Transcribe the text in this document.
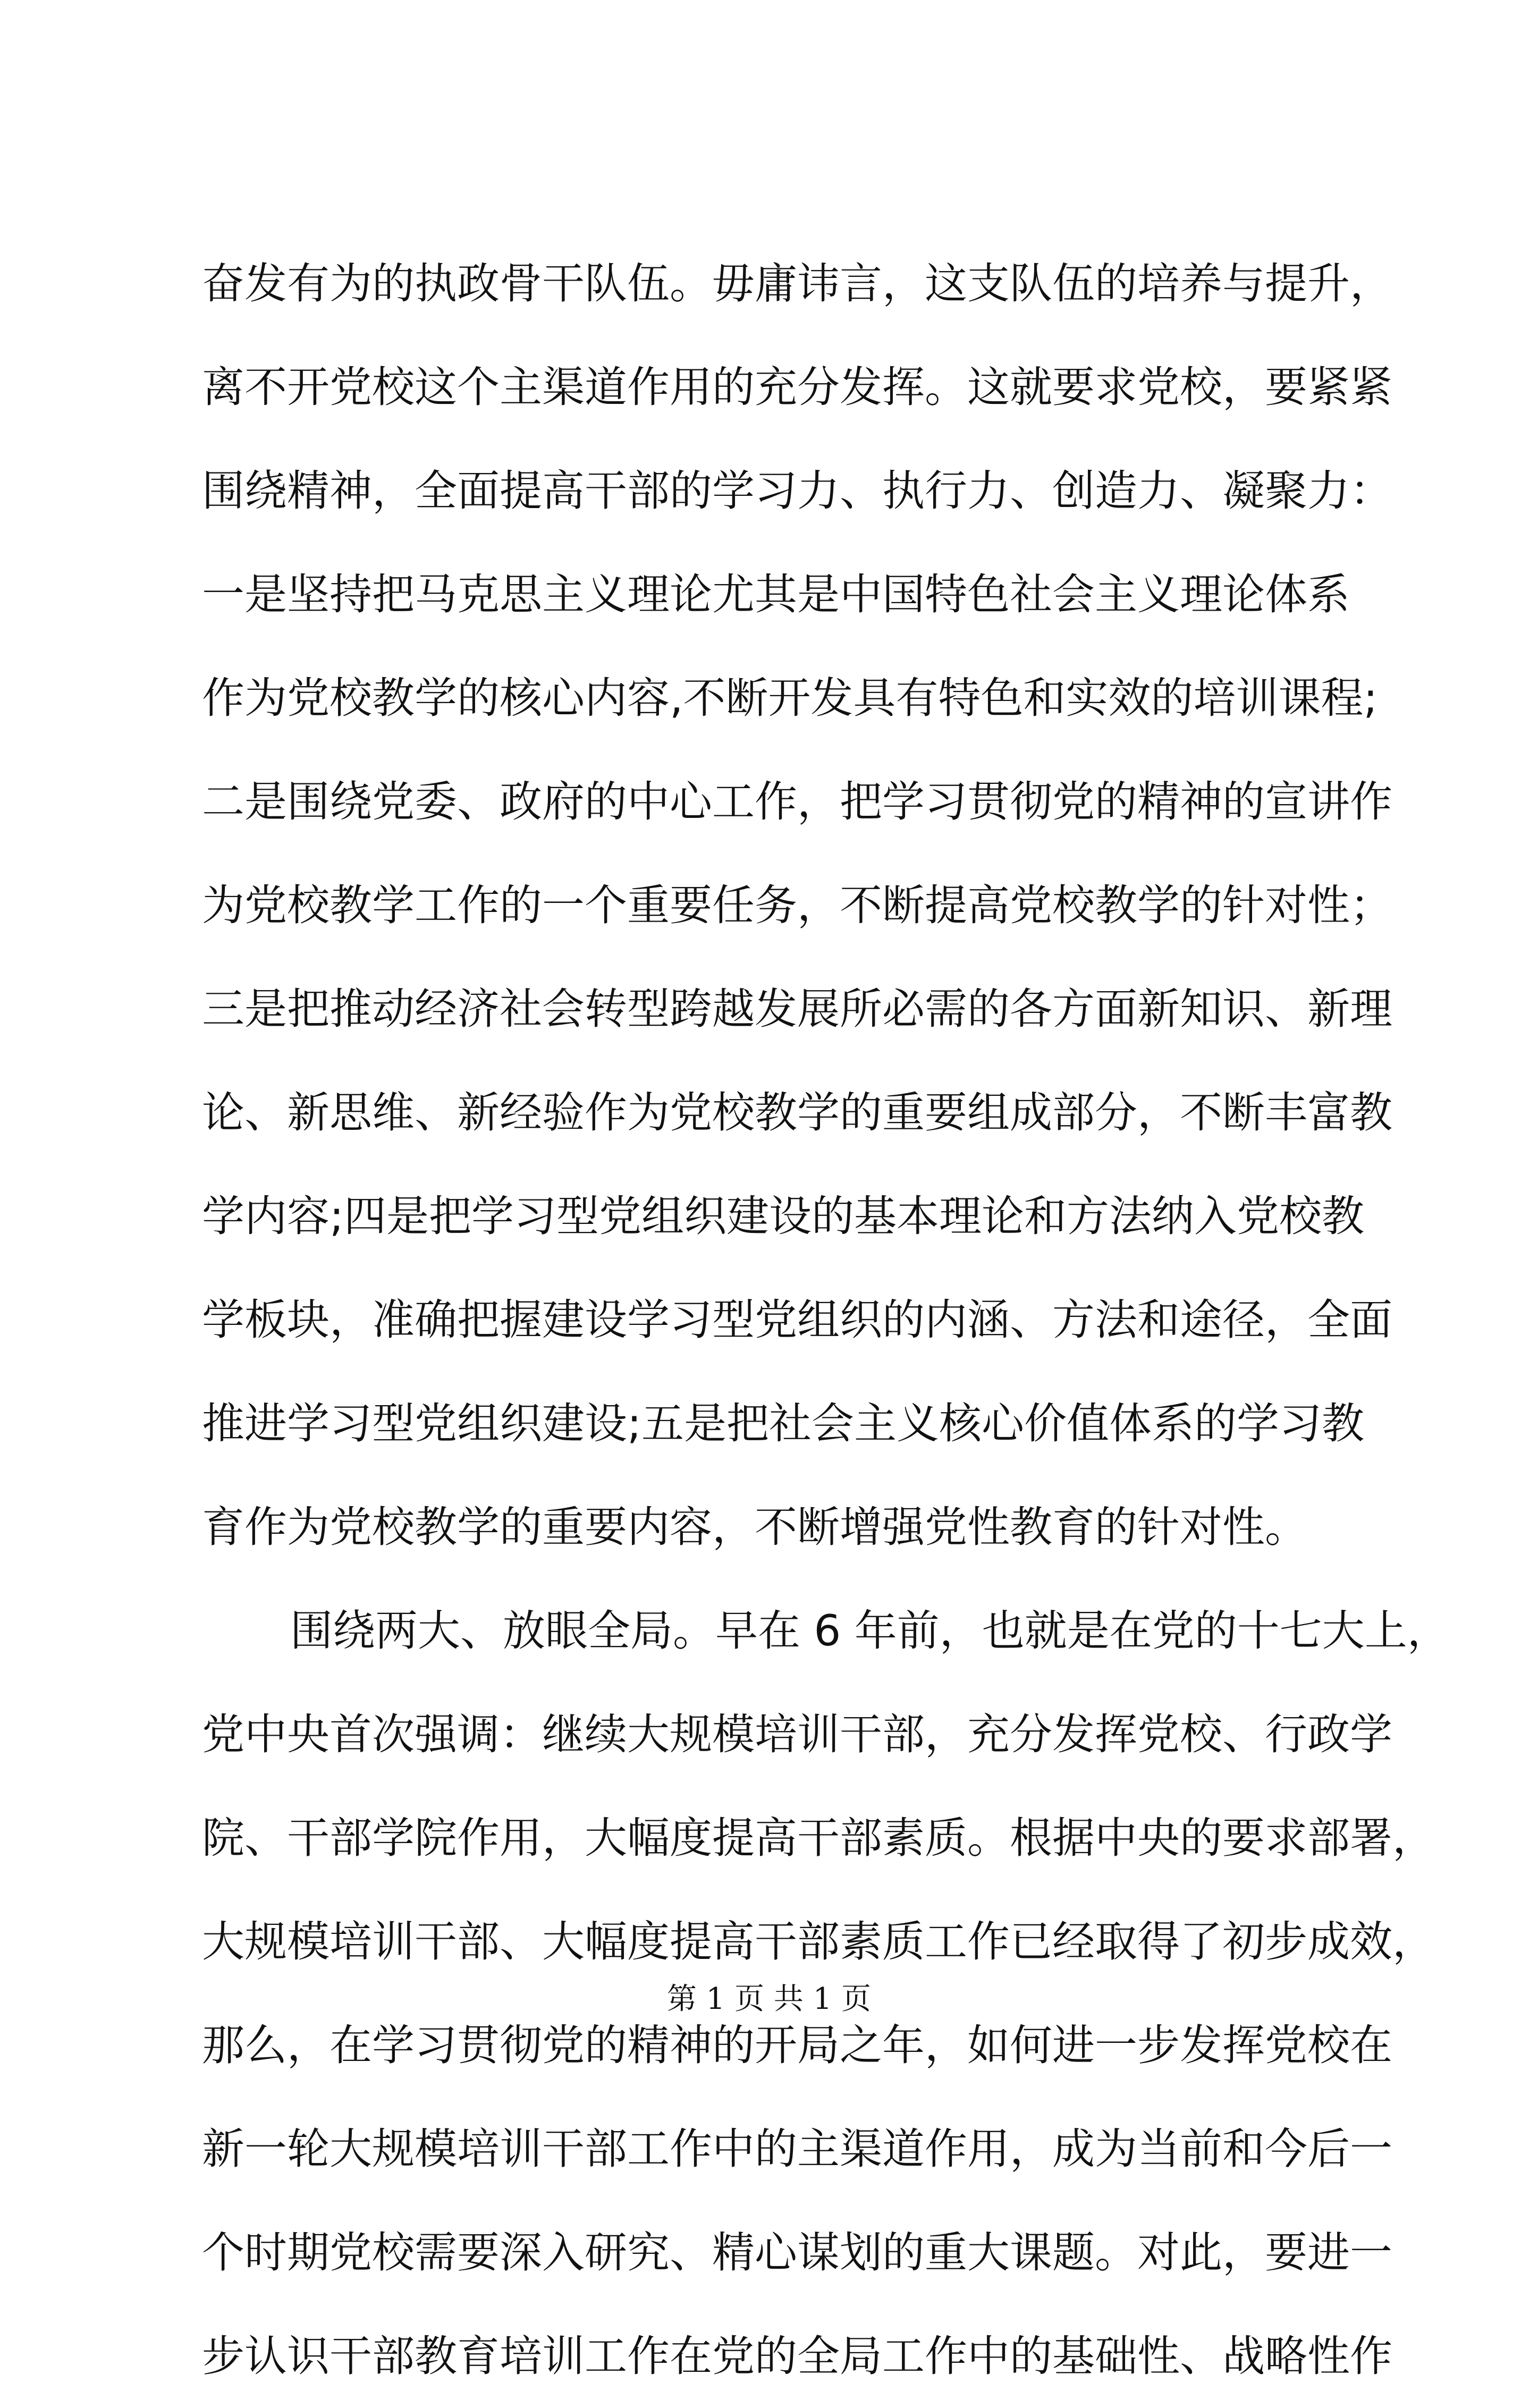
奋发有为的执政骨干队伍。毋庸讳言，这支队伍的培养与提升，
离不开党校这个主渠道作用的充分发挥。这就要求党校，要紧紧
围绕精神，全面提高干部的学习力、执行力、创造力、凝聚力：
一是坚持把马克思主义理论尤其是中国特色社会主义理论体系
作为党校教学的核心内容,不断开发具有特色和实效的培训课程;
二是围绕党委、政府的中心工作，把学习贯彻党的精神的宣讲作
为党校教学工作的一个重要任务，不断提高党校教学的针对性；
三是把推动经济社会转型跨越发展所必需的各方面新知识、新理
论、新思维、新经验作为党校教学的重要组成部分，不断丰富教
学内容;四是把学习型党组织建设的基本理论和方法纳入党校教
学板块，准确把握建设学习型党组织的内涵、方法和途径，全面
推进学习型党组织建设;五是把社会主义核心价值体系的学习教
育作为党校教学的重要内容，不断增强党性教育的针对性。
围绕两大、放眼全局。早在 6 年前，也就是在党的十七大上，
党中央首次强调：继续大规模培训干部，充分发挥党校、行政学
院、干部学院作用，大幅度提高干部素质。根据中央的要求部署，
大规模培训干部、大幅度提高干部素质工作已经取得了初步成效，
那么，在学习贯彻党的精神的开局之年，如何进一步发挥党校在
新一轮大规模培训干部工作中的主渠道作用，成为当前和今后一
个时期党校需要深入研究、精心谋划的重大课题。对此，要进一
步认识干部教育培训工作在党的全局工作中的基础性、战略性作
第 1 页 共 1 页
